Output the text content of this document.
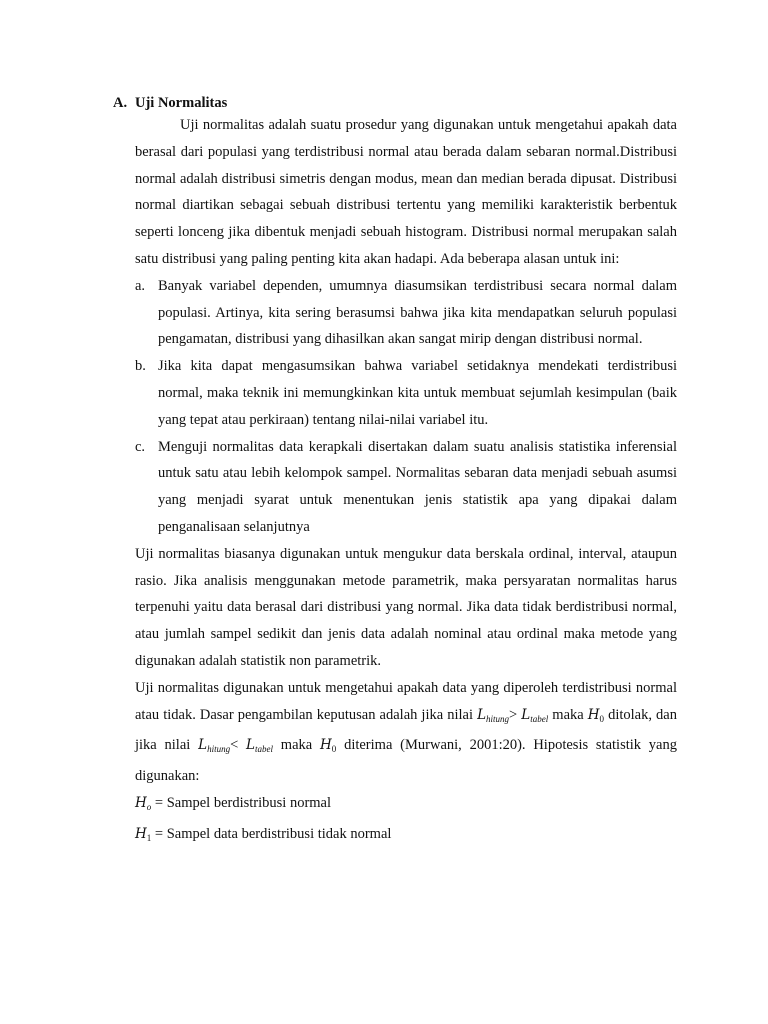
A. Uji Normalitas

Uji normalitas adalah suatu prosedur yang digunakan untuk mengetahui apakah data berasal dari populasi yang terdistribusi normal atau berada dalam sebaran normal.Distribusi normal adalah distribusi simetris dengan modus, mean dan median berada dipusat. Distribusi normal diartikan sebagai sebuah distribusi tertentu yang memiliki karakteristik berbentuk seperti lonceng jika dibentuk menjadi sebuah histogram. Distribusi normal merupakan salah satu distribusi yang paling penting kita akan hadapi. Ada beberapa alasan untuk ini:

a. Banyak variabel dependen, umumnya diasumsikan terdistribusi secara normal dalam populasi. Artinya, kita sering berasumsi bahwa jika kita mendapatkan seluruh populasi pengamatan, distribusi yang dihasilkan akan sangat mirip dengan distribusi normal.
b. Jika kita dapat mengasumsikan bahwa variabel setidaknya mendekati terdistribusi normal, maka teknik ini memungkinkan kita untuk membuat sejumlah kesimpulan (baik yang tepat atau perkiraan) tentang nilai-nilai variabel itu.
c. Menguji normalitas data kerapkali disertakan dalam suatu analisis statistika inferensial untuk satu atau lebih kelompok sampel. Normalitas sebaran data menjadi sebuah asumsi yang menjadi syarat untuk menentukan jenis statistik apa yang dipakai dalam penganalisaan selanjutnya

Uji normalitas biasanya digunakan untuk mengukur data berskala ordinal, interval, ataupun rasio. Jika analisis menggunakan metode parametrik, maka persyaratan normalitas harus terpenuhi yaitu data berasal dari distribusi yang normal. Jika data tidak berdistribusi normal, atau jumlah sampel sedikit dan jenis data adalah nominal atau ordinal maka metode yang digunakan adalah statistik non parametrik.

Uji normalitas digunakan untuk mengetahui apakah data yang diperoleh terdistribusi normal atau tidak. Dasar pengambilan keputusan adalah jika nilai $L_{hitung}> L_{tabel}$ maka $H_0$ ditolak, dan jika nilai $L_{hitung}< L_{tabel}$ maka $H_0$ diterima (Murwani, 2001:20). Hipotesis statistik yang digunakan:

$H_o$ = Sampel berdistribusi normal

$H_1$ = Sampel data berdistribusi tidak normal
